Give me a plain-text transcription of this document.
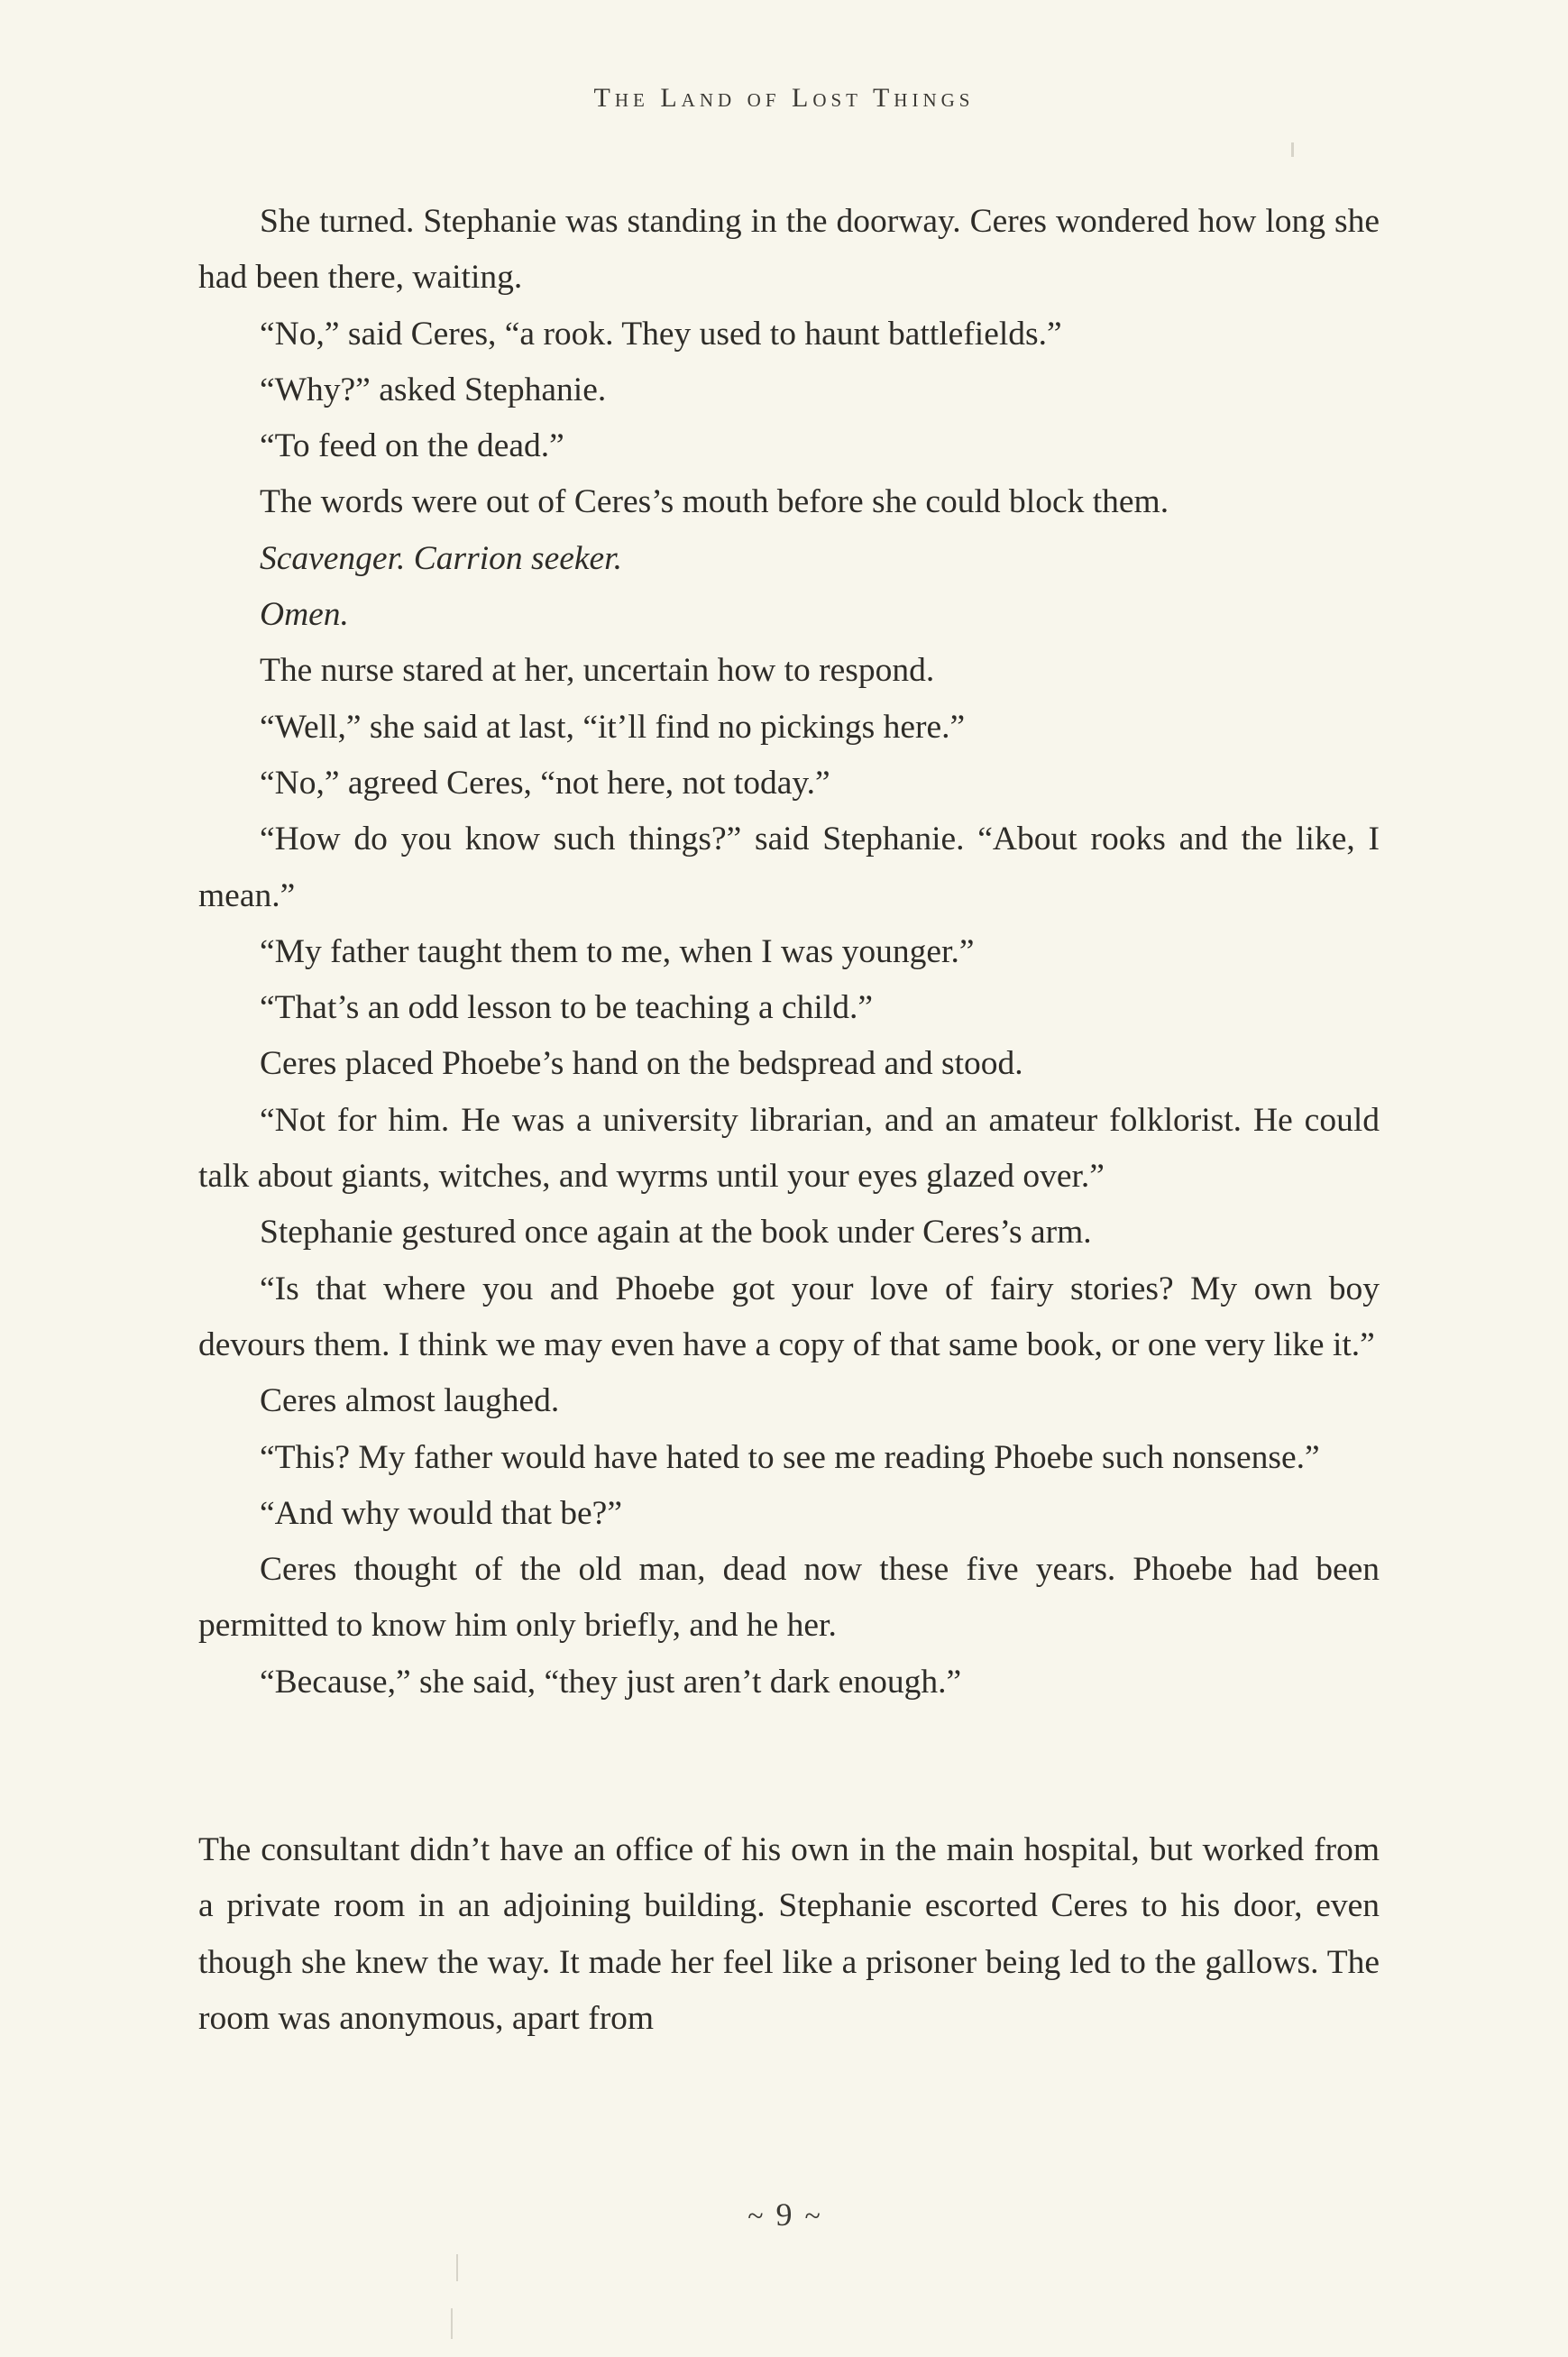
The Land of Lost Things

She turned. Stephanie was standing in the doorway. Ceres wondered how long she had been there, waiting.

“No,” said Ceres, “a rook. They used to haunt battlefields.”

“Why?” asked Stephanie.

“To feed on the dead.”

The words were out of Ceres’s mouth before she could block them.

Scavenger. Carrion seeker.

Omen.

The nurse stared at her, uncertain how to respond.

“Well,” she said at last, “it’ll find no pickings here.”

“No,” agreed Ceres, “not here, not today.”

“How do you know such things?” said Stephanie. “About rooks and the like, I mean.”

“My father taught them to me, when I was younger.”

“That’s an odd lesson to be teaching a child.”

Ceres placed Phoebe’s hand on the bedspread and stood.

“Not for him. He was a university librarian, and an amateur folklorist. He could talk about giants, witches, and wyrms until your eyes glazed over.”

Stephanie gestured once again at the book under Ceres’s arm.

“Is that where you and Phoebe got your love of fairy stories? My own boy devours them. I think we may even have a copy of that same book, or one very like it.”

Ceres almost laughed.

“This? My father would have hated to see me reading Phoebe such nonsense.”

“And why would that be?”

Ceres thought of the old man, dead now these five years. Phoebe had been permitted to know him only briefly, and he her.

“Because,” she said, “they just aren’t dark enough.”

The consultant didn’t have an office of his own in the main hospital, but worked from a private room in an adjoining building. Stephanie escorted Ceres to his door, even though she knew the way. It made her feel like a prisoner being led to the gallows. The room was anonymous, apart from

~ 9 ~
